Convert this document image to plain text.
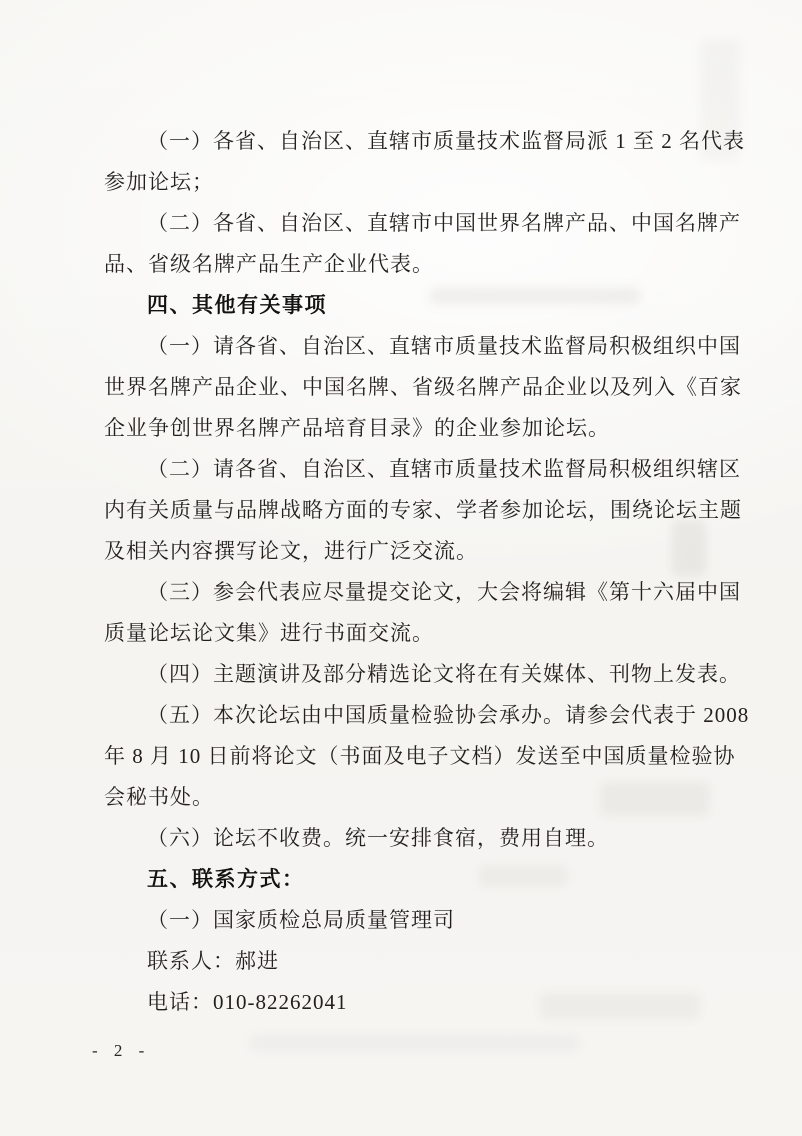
（一）各省、自治区、直辖市质量技术监督局派 1 至 2 名代表
参加论坛；
（二）各省、自治区、直辖市中国世界名牌产品、中国名牌产
品、省级名牌产品生产企业代表。
四、其他有关事项
（一）请各省、自治区、直辖市质量技术监督局积极组织中国
世界名牌产品企业、中国名牌、省级名牌产品企业以及列入《百家
企业争创世界名牌产品培育目录》的企业参加论坛。
（二）请各省、自治区、直辖市质量技术监督局积极组织辖区
内有关质量与品牌战略方面的专家、学者参加论坛，围绕论坛主题
及相关内容撰写论文，进行广泛交流。
（三）参会代表应尽量提交论文，大会将编辑《第十六届中国
质量论坛论文集》进行书面交流。
（四）主题演讲及部分精选论文将在有关媒体、刊物上发表。
（五）本次论坛由中国质量检验协会承办。请参会代表于 2008
年 8 月 10 日前将论文（书面及电子文档）发送至中国质量检验协
会秘书处。
（六）论坛不收费。统一安排食宿，费用自理。
五、联系方式：
（一）国家质检总局质量管理司
联系人：郝进
电话：010-82262041
- 2 -
